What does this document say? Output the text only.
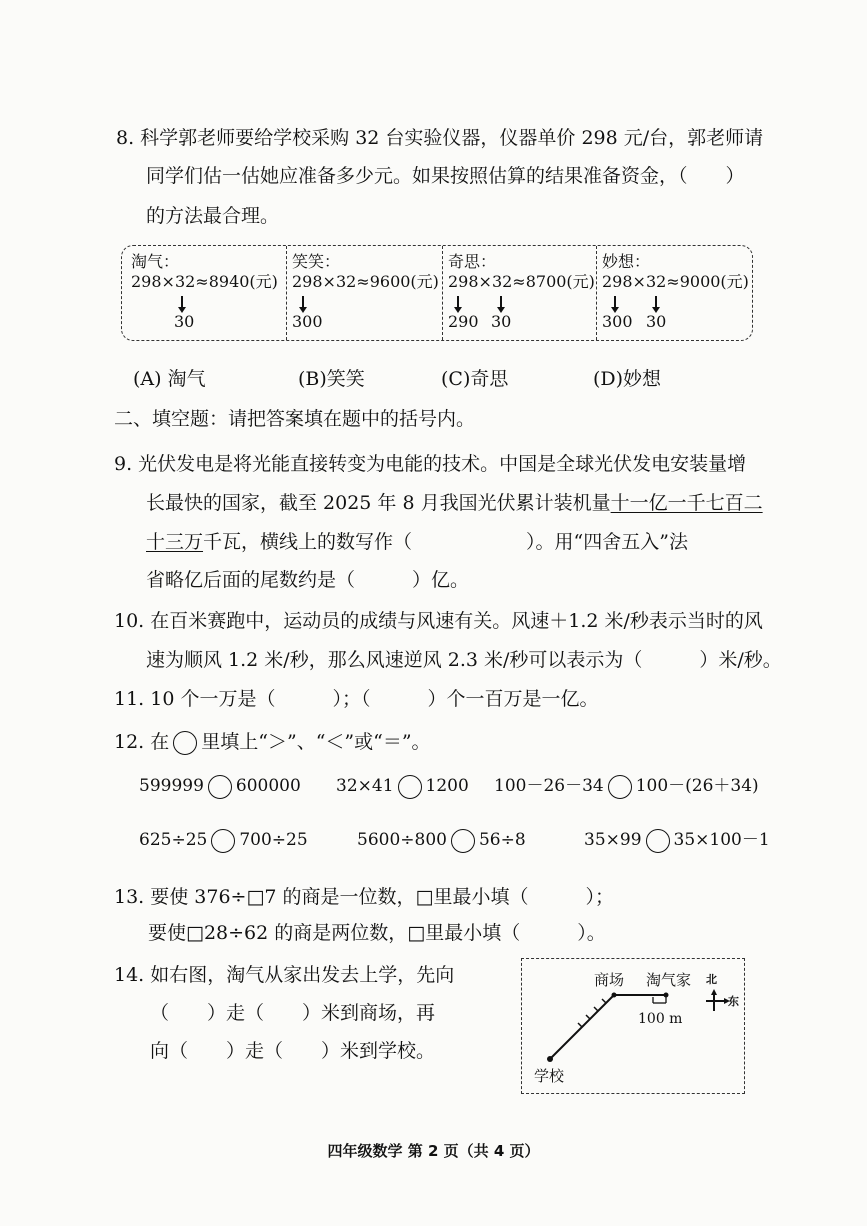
8. 科学郭老师要给学校采购 32 台实验仪器，仪器单价 298 元/台，郭老师请
同学们估一估她应准备多少元。如果按照估算的结果准备资金，（　　）
的方法最合理。
淘气：
298×32≈8940(元)
30
笑笑：
298×32≈9600(元)
300
奇思：
298×32≈8700(元)
290 30
妙想：
298×32≈9000(元)
300 30
(A) 淘气	(B)笑笑	(C)奇思	(D)妙想
二、填空题：请把答案填在题中的括号内。
9. 光伏发电是将光能直接转变为电能的技术。中国是全球光伏发电安装量增
长最快的国家，截至 2025 年 8 月我国光伏累计装机量十一亿一千七百二
十三万千瓦，横线上的数写作（　　　　　　）。用“四舍五入”法
省略亿后面的尾数约是（　　　）亿。
10. 在百米赛跑中，运动员的成绩与风速有关。风速＋1.2 米/秒表示当时的风
速为顺风 1.2 米/秒，那么风速逆风 2.3 米/秒可以表示为（　　　）米/秒。
11. 10 个一万是（　　　）；（　　　）个一百万是一亿。
12. 在 里填上“＞”、“＜”或“＝”。
599999 600000 32×41 1200 100－26－34 100－(26＋34)
625÷25 700÷25	5600÷800 56÷8	35×99 35×100－1
13. 要使 376÷□7 的商是一位数，□里最小填（　　　）；
要使□28÷62 的商是两位数，□里最小填（　　　）。
14. 如右图，淘气从家出发去上学，先向
（　　）走（　　）米到商场，再
向（　　）走（　　）米到学校。
商场 淘气家 北
东
100 m
学校
四年级数学 第 2 页（共 4 页）
